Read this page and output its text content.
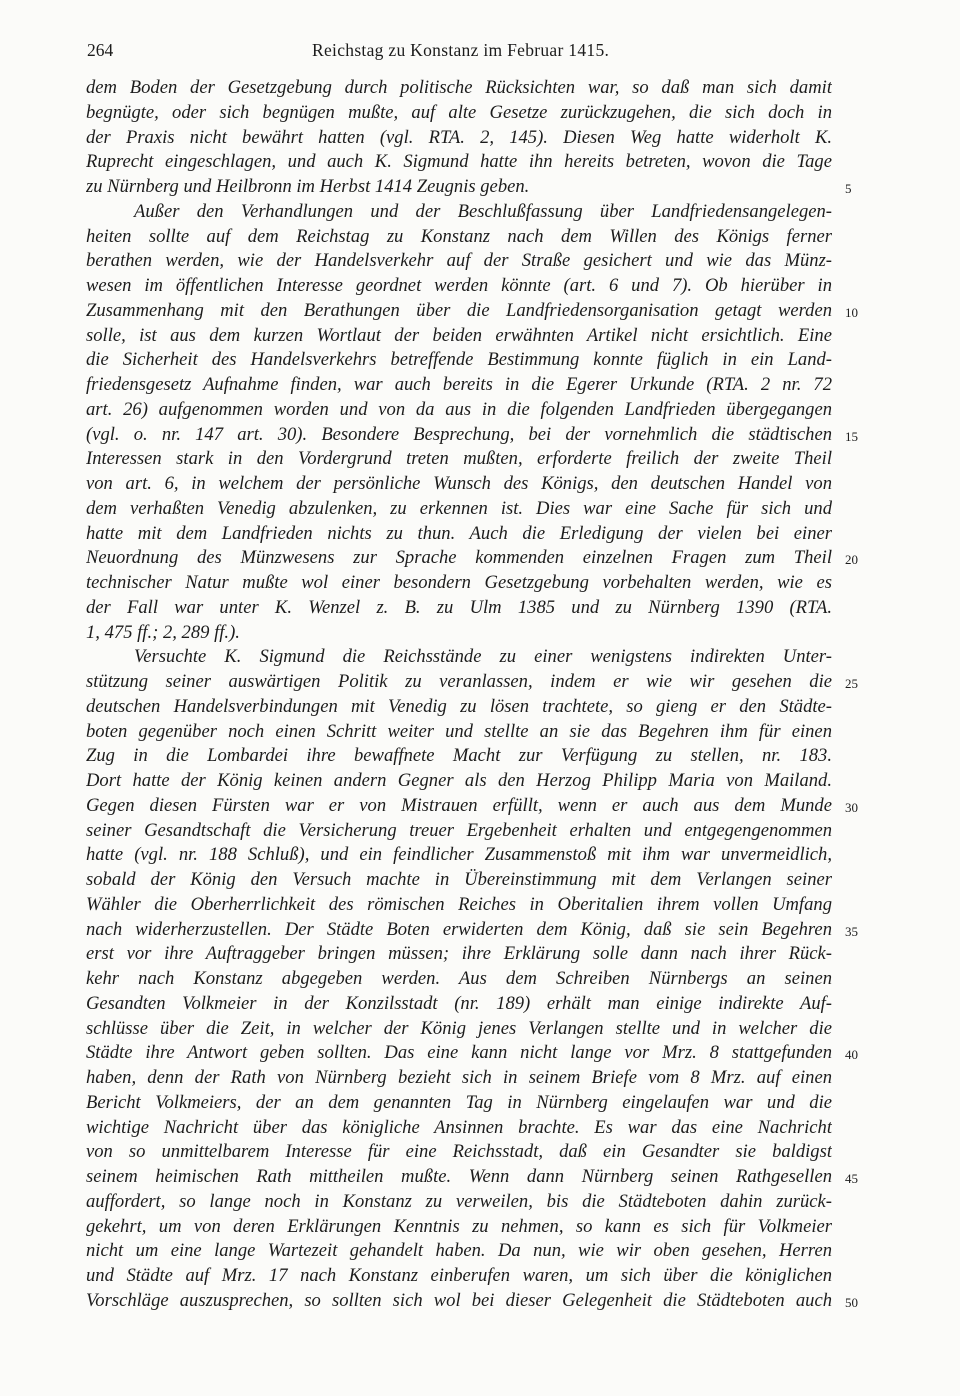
264	Reichstag zu Konstanz im Februar 1415.
dem Boden der Gesetzgebung durch politische Rücksichten war, so daß man sich damit
begnügte, oder sich begnügen mußte, auf alte Gesetze zurückzugehen, die sich doch in
der Praxis nicht bewährt hatten (vgl. RTA. 2, 145). Diesen Weg hatte widerholt K.
Ruprecht eingeschlagen, und auch K. Sigmund hatte ihn hereits betreten, wovon die Tage
zu Nürnberg und Heilbronn im Herbst 1414 Zeugnis geben.
Außer den Verhandlungen und der Beschlußfassung über Landfriedensangelegen-
heiten sollte auf dem Reichstag zu Konstanz nach dem Willen des Königs ferner
berathen werden, wie der Handelsverkehr auf der Straße gesichert und wie das Münz-
wesen im öffentlichen Interesse geordnet werden könnte (art. 6 und 7). Ob hierüber in
Zusammenhang mit den Berathungen über die Landfriedensorganisation getagt werden
solle, ist aus dem kurzen Wortlaut der beiden erwähnten Artikel nicht ersichtlich. Eine
die Sicherheit des Handelsverkehrs betreffende Bestimmung konnte füglich in ein Land-
friedensgesetz Aufnahme finden, war auch bereits in die Egerer Urkunde (RTA. 2 nr. 72
art. 26) aufgenommen worden und von da aus in die folgenden Landfrieden übergegangen
(vgl. o. nr. 147 art. 30). Besondere Besprechung, bei der vornehmlich die städtischen
Interessen stark in den Vordergrund treten mußten, erforderte freilich der zweite Theil
von art. 6, in welchem der persönliche Wunsch des Königs, den deutschen Handel von
dem verhaßten Venedig abzulenken, zu erkennen ist. Dies war eine Sache für sich und
hatte mit dem Landfrieden nichts zu thun. Auch die Erledigung der vielen bei einer
Neuordnung des Münzwesens zur Sprache kommenden einzelnen Fragen zum Theil
technischer Natur mußte wol einer besondern Gesetzgebung vorbehalten werden, wie es
der Fall war unter K. Wenzel z. B. zu Ulm 1385 und zu Nürnberg 1390 (RTA.
1, 475 ff.; 2, 289 ff.).
Versuchte K. Sigmund die Reichsstände zu einer wenigstens indirekten Unter-
stützung seiner auswärtigen Politik zu veranlassen, indem er wie wir gesehen die
deutschen Handelsverbindungen mit Venedig zu lösen trachtete, so gieng er den Städte-
boten gegenüber noch einen Schritt weiter und stellte an sie das Begehren ihm für einen
Zug in die Lombardei ihre bewaffnete Macht zur Verfügung zu stellen, nr. 183.
Dort hatte der König keinen andern Gegner als den Herzog Philipp Maria von Mailand.
Gegen diesen Fürsten war er von Mistrauen erfüllt, wenn er auch aus dem Munde
seiner Gesandtschaft die Versicherung treuer Ergebenheit erhalten und entgegengenommen
hatte (vgl. nr. 188 Schluß), und ein feindlicher Zusammenstoß mit ihm war unvermeidlich,
sobald der König den Versuch machte in Übereinstimmung mit dem Verlangen seiner
Wähler die Oberherrlichkeit des römischen Reiches in Oberitalien ihrem vollen Umfang
nach widerherzustellen. Der Städte Boten erwiderten dem König, daß sie sein Begehren
erst vor ihre Auftraggeber bringen müssen; ihre Erklärung solle dann nach ihrer Rück-
kehr nach Konstanz abgegeben werden. Aus dem Schreiben Nürnbergs an seinen
Gesandten Volkmeier in der Konzilsstadt (nr. 189) erhält man einige indirekte Auf-
schlüsse über die Zeit, in welcher der König jenes Verlangen stellte und in welcher die
Städte ihre Antwort geben sollten. Das eine kann nicht lange vor Mrz. 8 stattgefunden
haben, denn der Rath von Nürnberg bezieht sich in seinem Briefe vom 8 Mrz. auf einen
Bericht Volkmeiers, der an dem genannten Tag in Nürnberg eingelaufen war und die
wichtige Nachricht über das königliche Ansinnen brachte. Es war das eine Nachricht
von so unmittelbarem Interesse für eine Reichsstadt, daß ein Gesandter sie baldigst
seinem heimischen Rath mittheilen mußte. Wenn dann Nürnberg seinen Rathgesellen
auffordert, so lange noch in Konstanz zu verweilen, bis die Städteboten dahin zurück-
gekehrt, um von deren Erklärungen Kenntnis zu nehmen, so kann es sich für Volkmeier
nicht um eine lange Wartezeit gehandelt haben. Da nun, wie wir oben gesehen, Herren
und Städte auf Mrz. 17 nach Konstanz einberufen waren, um sich über die königlichen
Vorschläge auszusprechen, so sollten sich wol bei dieser Gelegenheit die Städteboten auch
5
10
15
20
25
30
35
40
45
50
